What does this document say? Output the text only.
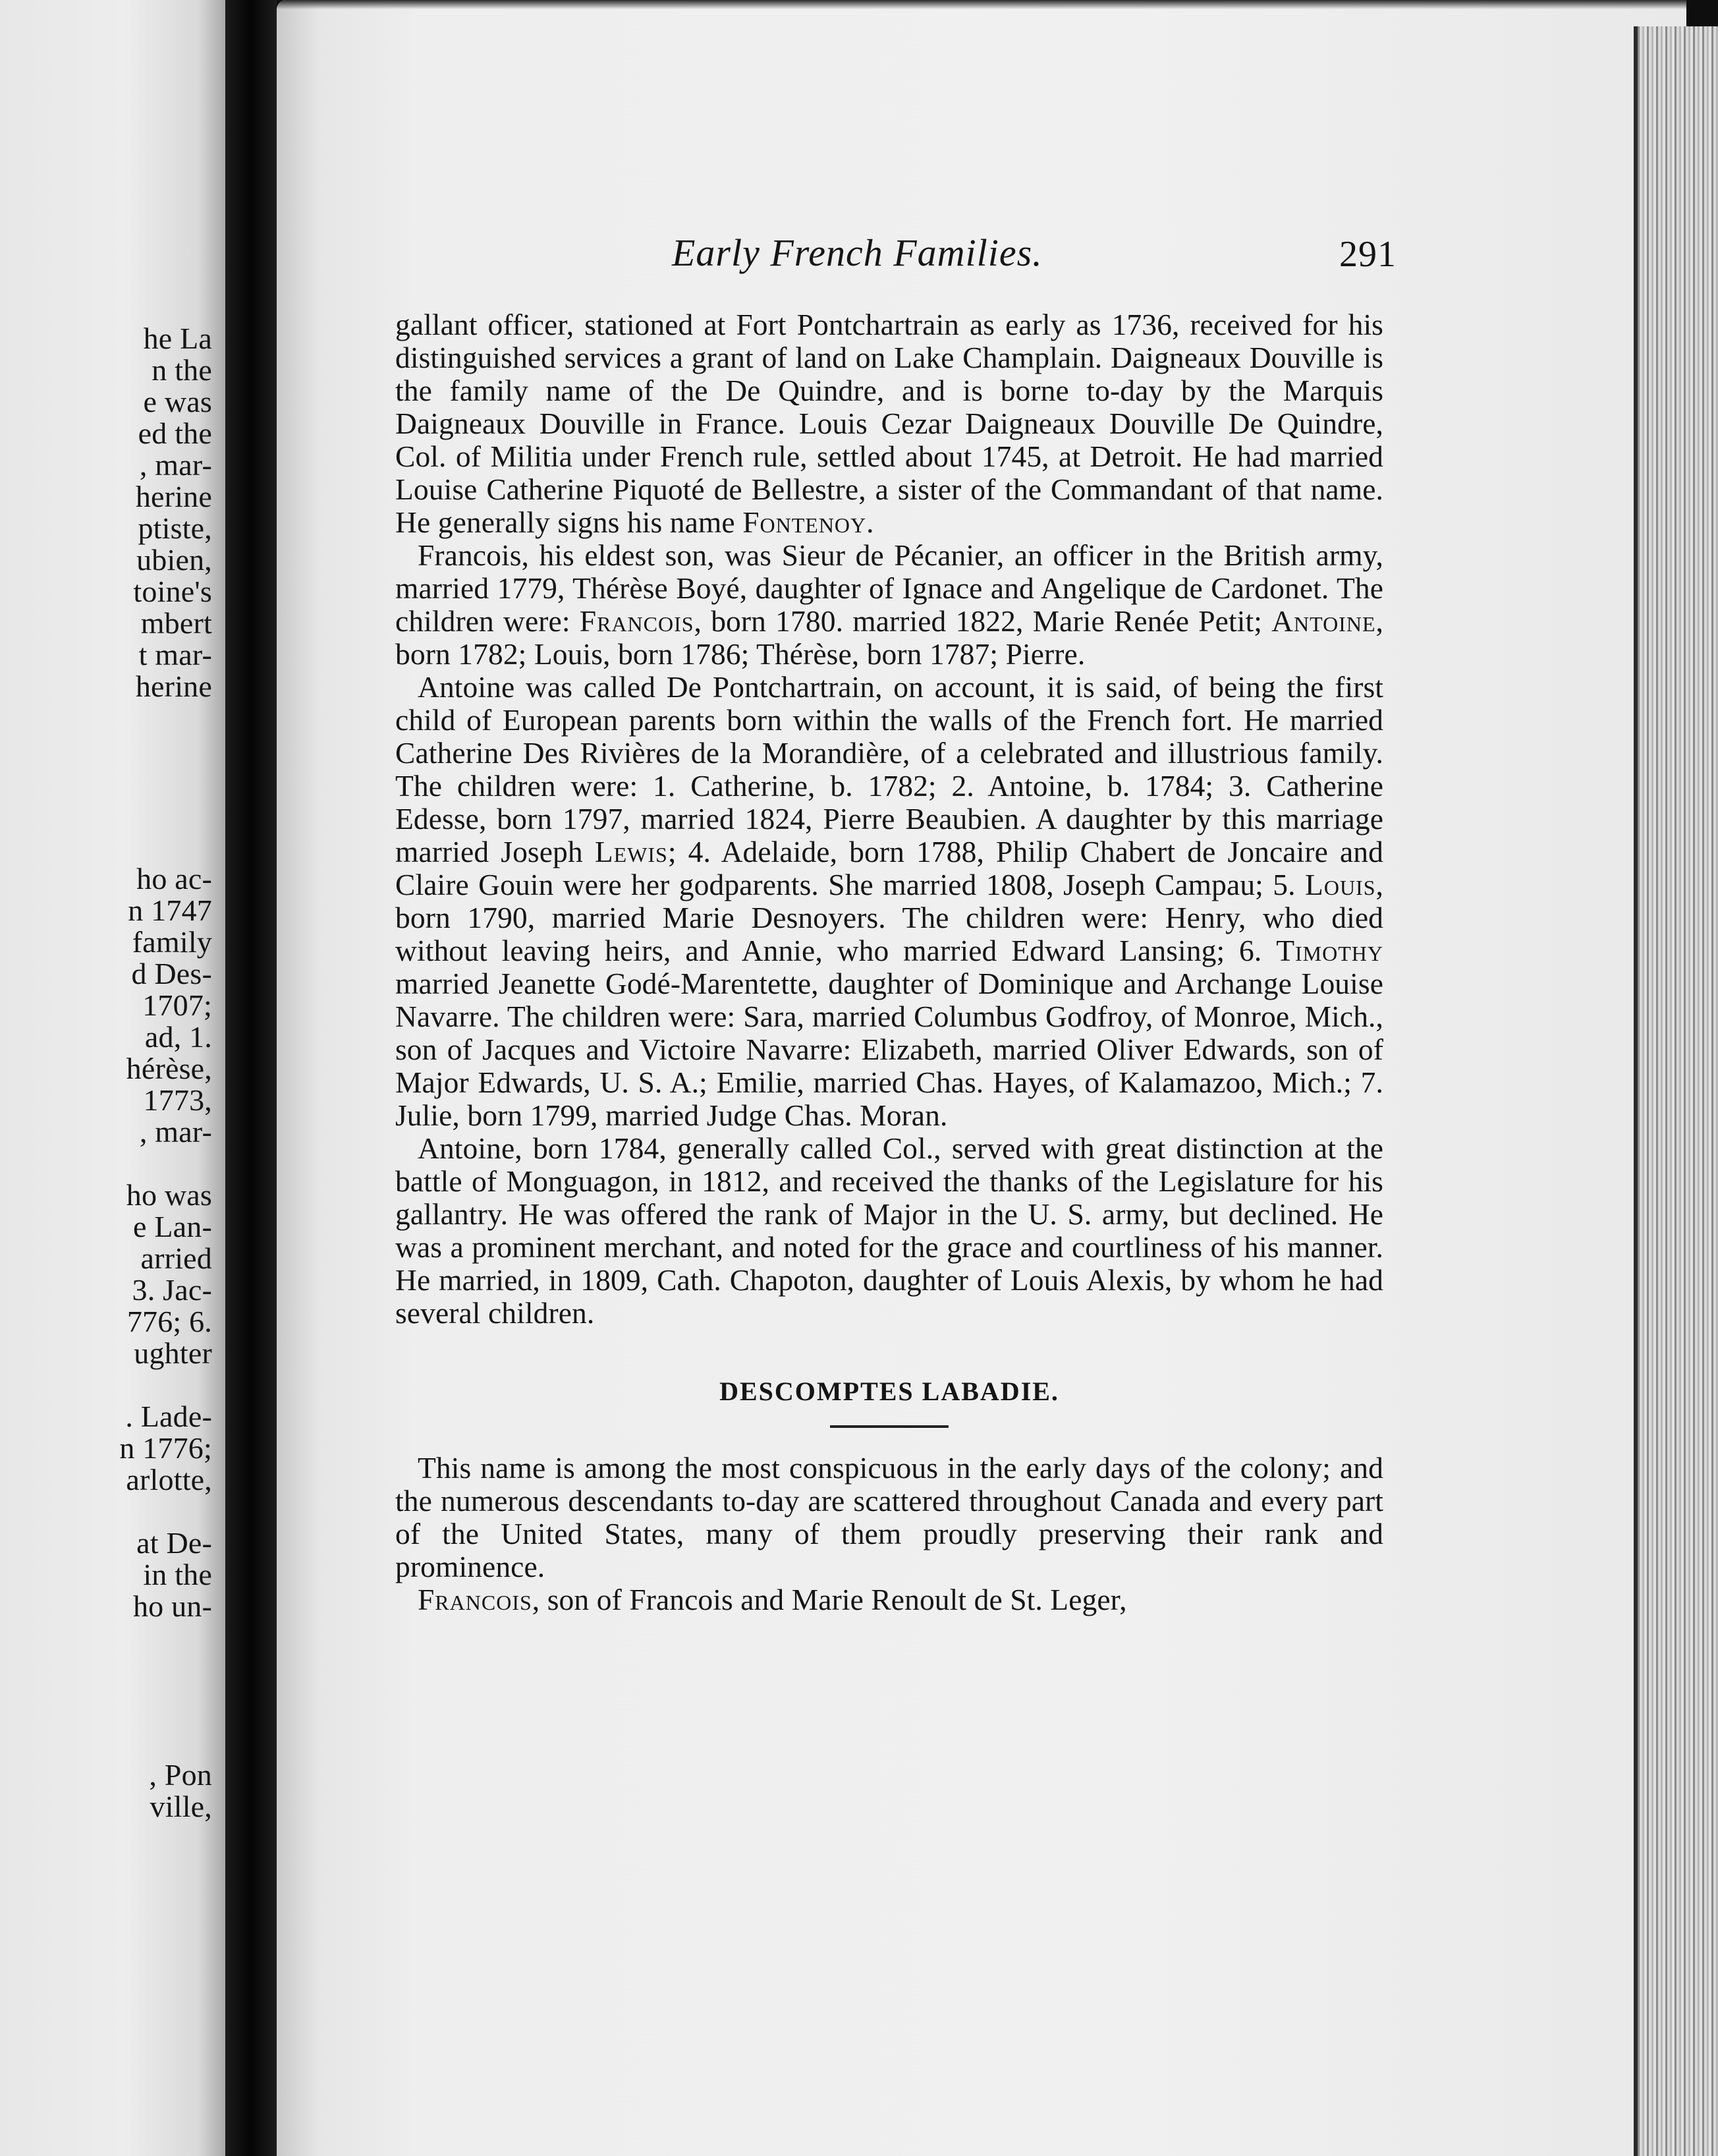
he La
n the
e was
ed the
, mar-
herine
ptiste,
ubien,
toine's
mbert
t mar-
herine
ho ac-
n 1747
family
d Des-
1707;
ad, 1.
hérèse,
1773,
, mar-

ho was
e Lan-
arried
3. Jac-
776; 6.
ughter

. Lade-
n 1776;
arlotte,

at De-
in the
ho un-
, Pon
ville,
Early French Families.	291

gallant officer, stationed at Fort Pontchartrain as early as 1736, received for his distinguished services a grant of land on Lake Champlain. Daigneaux Douville is the family name of the De Quindre, and is borne to-day by the Marquis Daigneaux Douville in France. Louis Cezar Daigneaux Douville De Quindre, Col. of Militia under French rule, settled about 1745, at Detroit. He had married Louise Catherine Piquoté de Bellestre, a sister of the Commandant of that name. He generally signs his name Fontenoy.

Francois, his eldest son, was Sieur de Pécanier, an officer in the British army, married 1779, Thérèse Boyé, daughter of Ignace and Angelique de Cardonet. The children were: Francois, born 1780. married 1822, Marie Renée Petit; Antoine, born 1782; Louis, born 1786; Thérèse, born 1787; Pierre.

Antoine was called De Pontchartrain, on account, it is said, of being the first child of European parents born within the walls of the French fort. He married Catherine Des Rivières de la Morandière, of a celebrated and illustrious family. The children were: 1. Catherine, b. 1782; 2. Antoine, b. 1784; 3. Catherine Edesse, born 1797, married 1824, Pierre Beaubien. A daughter by this marriage married Joseph Lewis; 4. Adelaide, born 1788, Philip Chabert de Joncaire and Claire Gouin were her godparents. She married 1808, Joseph Campau; 5. Louis, born 1790, married Marie Desnoyers. The children were: Henry, who died without leaving heirs, and Annie, who married Edward Lansing; 6. Timothy married Jeanette Godé-Marentette, daughter of Dominique and Archange Louise Navarre. The children were: Sara, married Columbus Godfroy, of Monroe, Mich., son of Jacques and Victoire Navarre: Elizabeth, married Oliver Edwards, son of Major Edwards, U. S. A.; Emilie, married Chas. Hayes, of Kalamazoo, Mich.; 7. Julie, born 1799, married Judge Chas. Moran.

Antoine, born 1784, generally called Col., served with great distinction at the battle of Monguagon, in 1812, and received the thanks of the Legislature for his gallantry. He was offered the rank of Major in the U. S. army, but declined. He was a prominent merchant, and noted for the grace and courtliness of his manner. He married, in 1809, Cath. Chapoton, daughter of Louis Alexis, by whom he had several children.

DESCOMPTES LABADIE.

This name is among the most conspicuous in the early days of the colony; and the numerous descendants to-day are scattered throughout Canada and every part of the United States, many of them proudly preserving their rank and prominence.

Francois, son of Francois and Marie Renoult de St. Leger,
